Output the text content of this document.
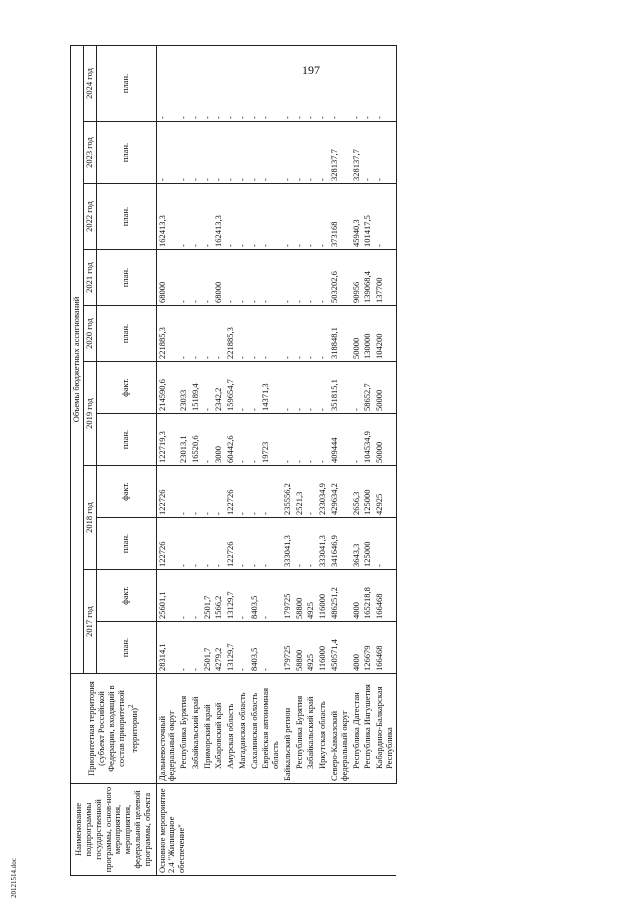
197
Наименование подпрограммы государственной программы, основ-ного мероприятия, мероприятия, федеральной целевой программы, объекта	Приоритетная территория (субъект Российской Федерации, входящий в состав приоритетной территории)$^2$	Объемы бюджетных ассигнований										
		2017 год		2018 год		2019 год		2020 год	2021 год	2022 год	2023 год	2024 год
		план.	факт.	план.	факт.	план.	факт.	план.	план.	план.	план.	план.
Основное мероприятие 2.4 "Жилищное обеспечение"	Дальневосточный федеральный округ	28314,1	25601,1	122726	122726	122719,3	214590,6	221885,3	68000	162413,3	-	-
	Республика Бурятия	-	-	-	-	23013,1	23033	-	-	-	-	-
	Забайкальский край	-	-	-	-	16520,6	15189,4	-	-	-	-	-
	Приморский край	2501,7	2501,7	-	-	-	-	-	-	-	-	-
	Хабаровский край	4279,2	1566,2	-	-	3000	2342,2	-	68000	162413,3	-	-
	Амурская область	13129,7	13129,7	122726	122726	60442,6	159654,7	221885,3	-	-	-	-
	Магаданская область	-	-	-	-	-	-	-	-	-	-	-
	Сахалинская область	8403,5	8403,5	-	-	-	-	-	-	-	-	-
	Еврейская автономная область	-	-	-	-	19723	14371,3	-	-	-	-	-
	Байкальский регион	179725	179725	333041,3	235556,2	-	-	-	-	-	-	-
	Республика Бурятия	58800	58800	-	2521,3	-	-	-	-	-	-	-
	Забайкальский край	4925	4925	-	-	-	-	-	-	-	-	-
	Иркутская область	116000	116000	333041,3	233034,9	-	-	-	-	-	-	-
	Северо-Кавказский федеральный округ	450571,4	486251,2	341646,9	429634,2	409444	351815,1	318848,1	503202,6	373168	328137,7	-
	Республика Дагестан	4000	4000	3643,3	2656,3	-	-	50000	90956	45940,3	328137,7	-
	Республика Ингушетия	126679	165218,8	125000	125000	104534,9	58652,7	130000	139068,4	101417,5	-	-
	Кабардино-Балкарская Республика	166468	166468	-	42925	50000	50000	104200	137700	-	-	-
20121514.doc
